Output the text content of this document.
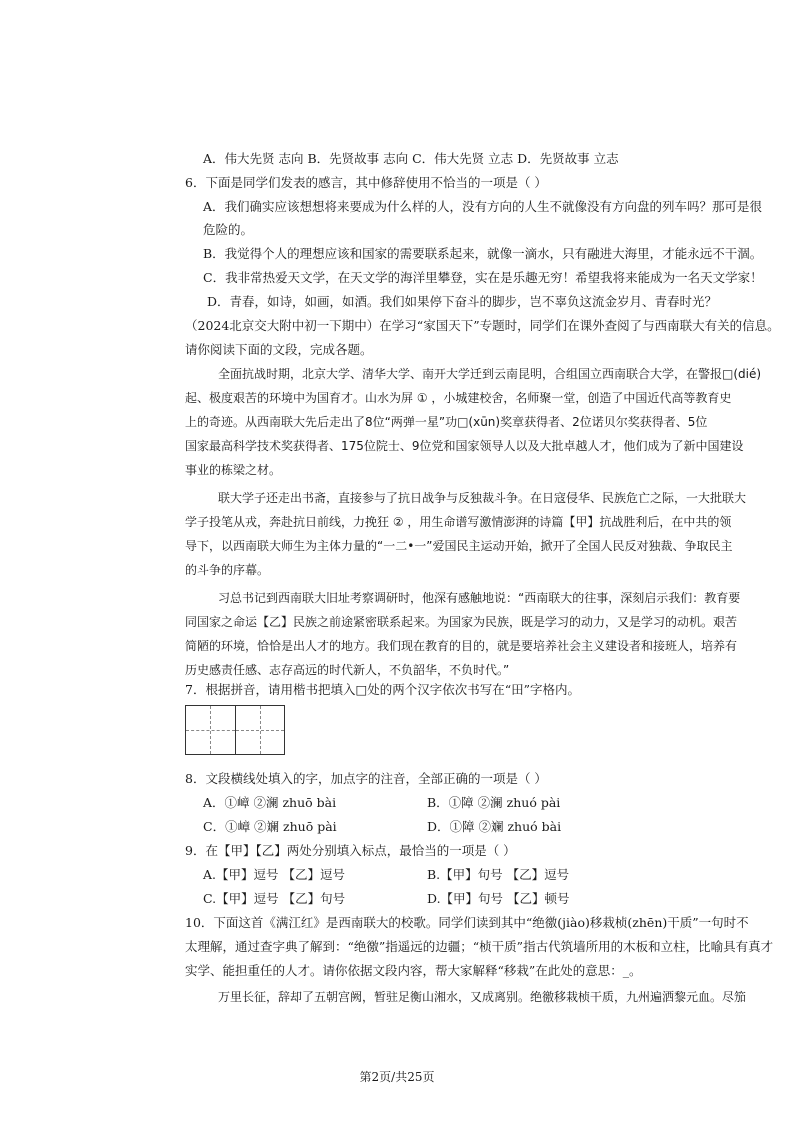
A．伟大先贤 志向 B．先贤故事 志向 C．伟大先贤 立志 D．先贤故事 立志
6．下面是同学们发表的感言，其中修辞使用不恰当的一项是（ ）
A．我们确实应该想想将来要成为什么样的人，没有方向的人生不就像没有方向盘的列车吗？那可是很
危险的。
B．我觉得个人的理想应该和国家的需要联系起来，就像一滴水，只有融进大海里，才能永远不干涸。
C．我非常热爱天文学，在天文学的海洋里攀登，实在是乐趣无穷！希望我将来能成为一名天文学家！
D．青春，如诗，如画，如酒。我们如果停下奋斗的脚步，岂不辜负这流金岁月、青春时光？
（2024北京交大附中初一下期中）在学习“家国天下”专题时，同学们在课外查阅了与西南联大有关的信息。
请你阅读下面的文段，完成各题。
全面抗战时期，北京大学、清华大学、南开大学迁到云南昆明，合组国立西南联合大学，在警报□(dié)
起、极度艰苦的环境中为国育才。山水为屏 ① ，小城建校舍，名师聚一堂，创造了中国近代高等教育史
上的奇迹。从西南联大先后走出了8位“两弹一星”功□(xūn)奖章获得者、2位诺贝尔奖获得者、5位
国家最高科学技术奖获得者、175位院士、9位党和国家领导人以及大批卓越人才，他们成为了新中国建设
事业的栋梁之材。
联大学子还走出书斋，直接参与了抗日战争与反独裁斗争。在日寇侵华、民族危亡之际，一大批联大
学子投笔从戎，奔赴抗日前线，力挽狂 ② ，用生命谱写激情澎湃的诗篇【甲】抗战胜利后，在中共的领
导下，以西南联大师生为主体力量的“一二•一”爱国民主运动开始，掀开了全国人民反对独裁、争取民主
的斗争的序幕。
习总书记到西南联大旧址考察调研时，他深有感触地说：“西南联大的往事，深刻启示我们：教育要
同国家之命运【乙】民族之前途紧密联系起来。为国家为民族，既是学习的动力，又是学习的动机。艰苦
简陋的环境，恰恰是出人才的地方。我们现在教育的目的，就是要培养社会主义建设者和接班人，培养有
历史感责任感、志存高远的时代新人，不负韶华，不负时代。”
7．根据拼音，请用楷书把填入□处的两个汉字依次书写在“田”字格内。
8．文段横线处填入的字，加点字的注音，全部正确的一项是（ ）
A．①嶂 ②澜 zhuō bài	B．①障 ②澜 zhuó pài
C．①嶂 ②斓 zhuō pài	D．①障 ②斓 zhuó bài
9．在【甲】【乙】两处分别填入标点，最恰当的一项是（ ）
A.【甲】逗号 【乙】逗号	B.【甲】句号 【乙】逗号
C.【甲】逗号 【乙】句号	D.【甲】句号 【乙】顿号
10．下面这首《满江红》是西南联大的校歌。同学们读到其中“绝徼(jiào)移栽桢(zhēn)干质”一句时不
太理解，通过查字典了解到：“绝徼”指遥远的边疆；“桢干质”指古代筑墙所用的木板和立柱，比喻具有真才
实学、能担重任的人才。请你依据文段内容，帮大家解释“移栽”在此处的意思：_。
万里长征，辞却了五朝宫阙，暂驻足衡山湘水，又成离别。绝徼移栽桢干质，九州遍洒黎元血。尽笳
第2页/共25页
